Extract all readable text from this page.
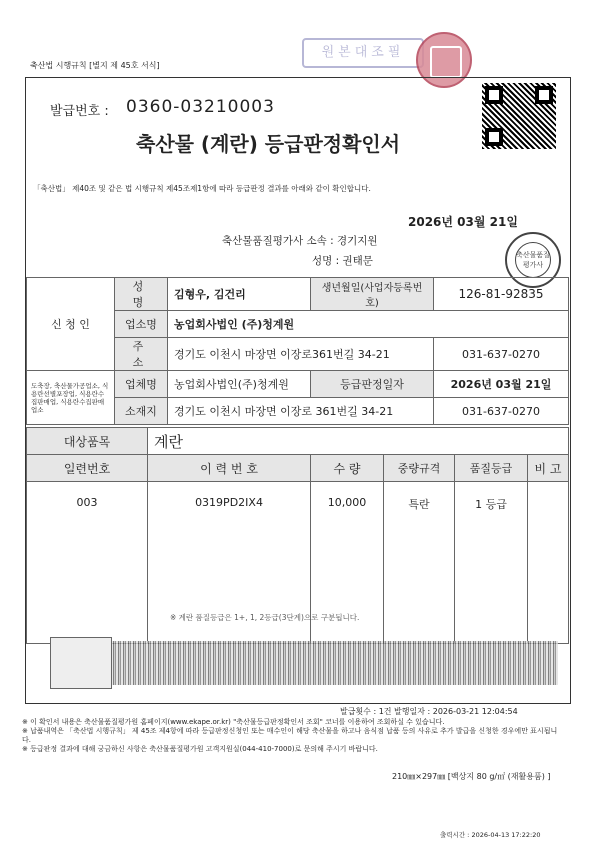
축산법 시행규칙 [별지 제 45호 서식]
원본대조필
발급번호 : 0360-03210003
축산물 (계란) 등급판정확인서
「축산법」 제40조 및 같은 법 시행규칙 제45조제1항에 따라 등급판정 결과를 아래와 같이 확인합니다.
2026년 03월 21일
축산물품질평가사 소속 : 경기지원
성명 : 권태문	축산물품질평가사
신 청 인	성 명	김형우, 김건리	생년월일(사업자등록번호)	126-81-92835
	업소명	농업회사법인 (주)청계원		
	주 소	경기도 이천시 마장면 이장로361번길 34-21		031-637-0270
도축장, 축산물가공업소, 식용란선별포장업, 식용란수집판매업, 식용란수집판매업소	업체명	농업회사법인(주)청계원	등급판정일자	2026년 03월 21일
	소재지	경기도 이천시 마장면 이장로 361번길 34-21		031-637-0270
대상품목	계란				
일련번호	이 력 번 호	수 량	중량규격	품질등급	비 고
003	0319PD2IX4	10,000	특란	1 등급	
※ 계란 품질등급은 1+, 1, 2등급(3단계)으로 구분됩니다.
발급횟수 : 1건 발행일자 : 2026-03-21 12:04:54
※ 이 확인서 내용은 축산물품질평가원 홈페이지(www.ekape.or.kr) "축산물등급판정확인서 조회" 코너를 이용하여 조회하실 수 있습니다.
※ 납품내역은 「축산법 시행규칙」 제 45조 제4항에 따라 등급판정신청인 또는 매수인이 해당 축산물을 하고나 음식점 납품 등의 사유로 추가 발급을 신청한 경우에만 표시됩니다.
※ 등급판정 결과에 대해 궁금하신 사항은 축산물품질평가원 고객지원실(044-410-7000)로 문의해 주시기 바랍니다.
210㎜×297㎜ [백상지 80 g/㎡ (재활용품) ]
출력시간 : 2026-04-13 17:22:20
